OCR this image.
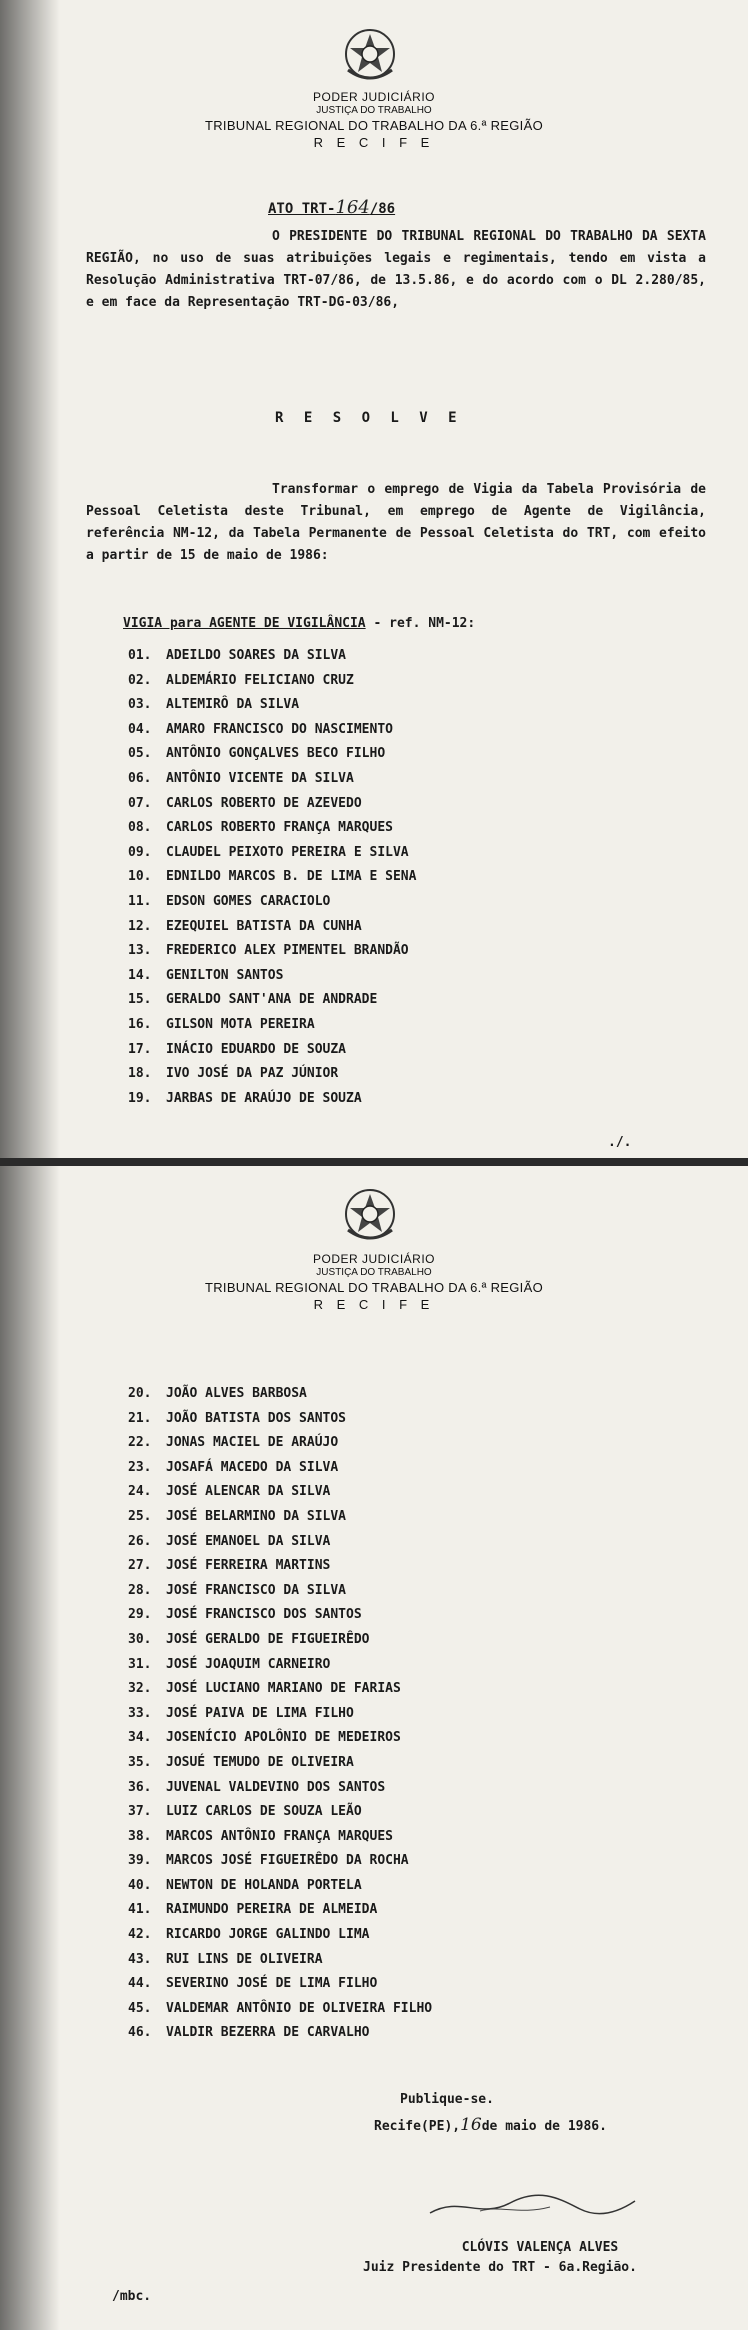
PODER JUDICIÁRIO
JUSTIÇA DO TRABALHO
TRIBUNAL REGIONAL DO TRABALHO DA 6.ª REGIÃO
R E C I F E
ATO TRT-164/86
O PRESIDENTE DO TRIBUNAL REGIONAL DO TRABALHO DA SEXTA REGIÃO, no uso de suas atribuições legais e regimentais, tendo em vista a Resolução Administrativa TRT-07/86, de 13.5.86, e do acordo com o DL 2.280/85, e em face da Representação TRT-DG-03/86,
R E S O L V E
Transformar o emprego de Vigia da Tabela Provisória de Pessoal Celetista deste Tribunal, em emprego de Agente de Vigilância, referência NM-12, da Tabela Permanente de Pessoal Celetista do TRT, com efeito a partir de 15 de maio de 1986:
VIGIA para AGENTE DE VIGILÂNCIA - ref. NM-12:
01. ADEILDO SOARES DA SILVA
02. ALDEMÁRIO FELICIANO CRUZ
03. ALTEMIRÔ DA SILVA
04. AMARO FRANCISCO DO NASCIMENTO
05. ANTÔNIO GONÇALVES BECO FILHO
06. ANTÔNIO VICENTE DA SILVA
07. CARLOS ROBERTO DE AZEVEDO
08. CARLOS ROBERTO FRANÇA MARQUES
09. CLAUDEL PEIXOTO PEREIRA E SILVA
10. EDNILDO MARCOS B. DE LIMA E SENA
11. EDSON GOMES CARACIOLO
12. EZEQUIEL BATISTA DA CUNHA
13. FREDERICO ALEX PIMENTEL BRANDÃO
14. GENILTON SANTOS
15. GERALDO SANT'ANA DE ANDRADE
16. GILSON MOTA PEREIRA
17. INÁCIO EDUARDO DE SOUZA
18. IVO JOSÉ DA PAZ JÚNIOR
19. JARBAS DE ARAÚJO DE SOUZA
./.
PODER JUDICIÁRIO
JUSTIÇA DO TRABALHO
TRIBUNAL REGIONAL DO TRABALHO DA 6.ª REGIÃO
R E C I F E
20. JOÃO ALVES BARBOSA
21. JOÃO BATISTA DOS SANTOS
22. JONAS MACIEL DE ARAÚJO
23. JOSAFÁ MACEDO DA SILVA
24. JOSÉ ALENCAR DA SILVA
25. JOSÉ BELARMINO DA SILVA
26. JOSÉ EMANOEL DA SILVA
27. JOSÉ FERREIRA MARTINS
28. JOSÉ FRANCISCO DA SILVA
29. JOSÉ FRANCISCO DOS SANTOS
30. JOSÉ GERALDO DE FIGUEIRÊDO
31. JOSÉ JOAQUIM CARNEIRO
32. JOSÉ LUCIANO MARIANO DE FARIAS
33. JOSÉ PAIVA DE LIMA FILHO
34. JOSENÍCIO APOLÔNIO DE MEDEIROS
35. JOSUÉ TEMUDO DE OLIVEIRA
36. JUVENAL VALDEVINO DOS SANTOS
37. LUIZ CARLOS DE SOUZA LEÃO
38. MARCOS ANTÔNIO FRANÇA MARQUES
39. MARCOS JOSÉ FIGUEIRÊDO DA ROCHA
40. NEWTON DE HOLANDA PORTELA
41. RAIMUNDO PEREIRA DE ALMEIDA
42. RICARDO JORGE GALINDO LIMA
43. RUI LINS DE OLIVEIRA
44. SEVERINO JOSÉ DE LIMA FILHO
45. VALDEMAR ANTÔNIO DE OLIVEIRA FILHO
46. VALDIR BEZERRA DE CARVALHO
Publique-se.
Recife(PE),16de maio de 1986.
CLÓVIS VALENÇA ALVES
Juiz Presidente do TRT - 6a.Região.
/mbc.
